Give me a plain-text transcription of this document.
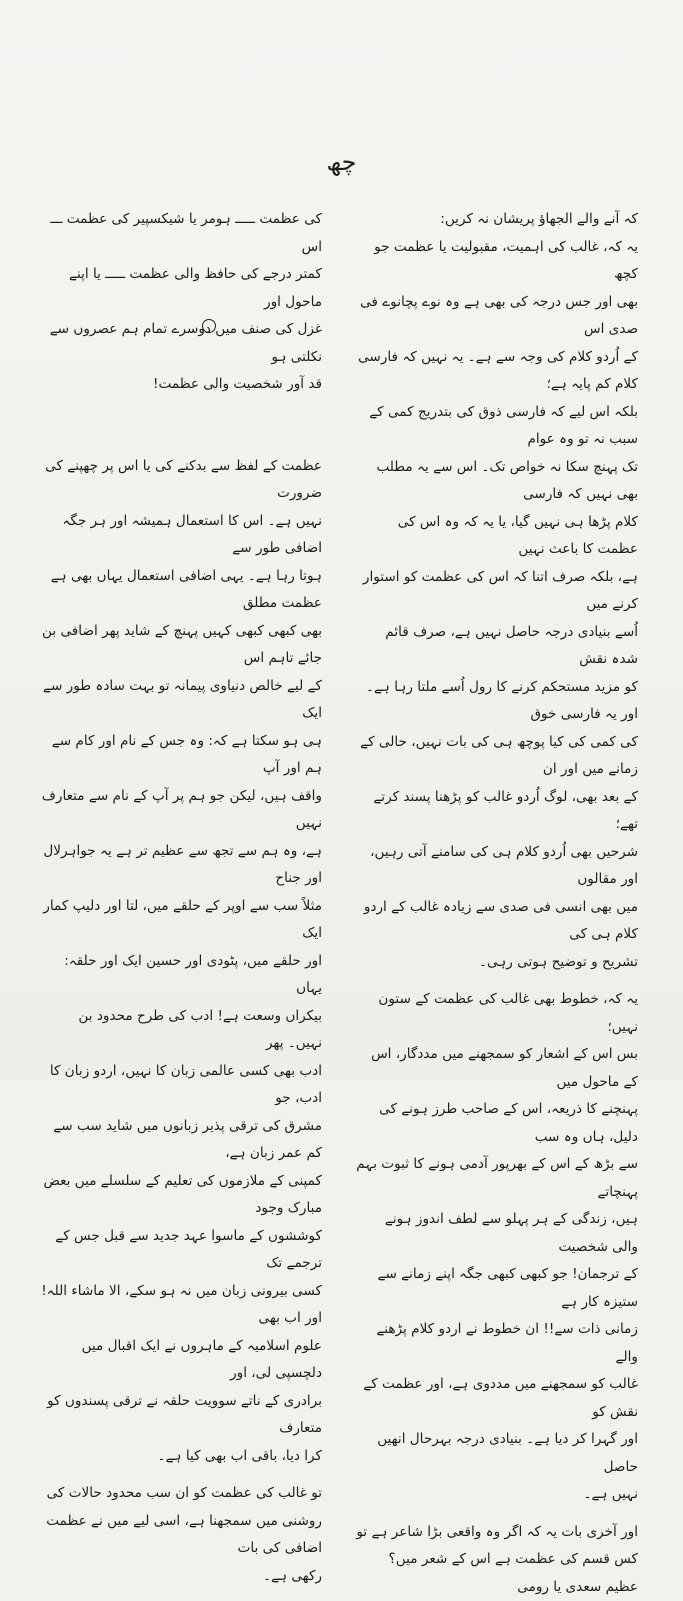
چھ

کہ آنے والے الجھاؤ پریشان نہ کریں:
یہ کہ، غالب کی اہمیت، مقبولیت یا عظمت جو کچھ
بھی اور جس درجہ کی بھی ہے وہ نوے پچانوے فی صدی اس
کے اُردو کلام کی وجہ سے ہے۔ یہ نہیں کہ فارسی کلام کم پایہ ہے؛
بلکہ اس لیے کہ فارسی ذوق کی بتدریج کمی کے سبب نہ تو وہ عوام
تک پہنچ سکا نہ خواص تک۔ اس سے یہ مطلب بھی نہیں کہ فارسی
کلام پڑھا ہی نہیں گیا، یا یہ کہ وہ اس کی عظمت کا باعث نہیں
ہے، بلکہ صرف اتنا کہ اس کی عظمت کو استوار کرنے میں
اُسے بنیادی درجہ حاصل نہیں ہے، صرف قائم شدہ نقش
کو مزید مستحکم کرنے کا رول اُسے ملتا رہا ہے۔ اور یہ فارسی خوق
کی کمی کی کیا پوچھ ہی کی بات نہیں، حالی کے زمانے میں اور ان
کے بعد بھی، لوگ اُردو غالب کو پڑھنا پسند کرتے تھے؛
شرحیں بھی اُردو کلام ہی کی سامنے آتی رہیں، اور مقالوں
میں بھی انسی فی صدی سے زیادہ غالب کے اردو کلام ہی کی
تشریح و توضیح ہوتی رہی۔

یہ کہ، خطوط بھی غالب کی عظمت کے ستون نہیں؛
بس اس کے اشعار کو سمجھنے میں مددگار، اس کے ماحول میں
پہنچنے کا ذریعہ، اس کے صاحب طرز ہونے کی دلیل، ہاں وہ سب
سے بڑھ کے اس کے بھرپور آدمی ہونے کا ثبوت بہم پہنچاتے
ہیں، زندگی کے ہر پہلو سے لطف اندوز ہونے والی شخصیت
کے ترجمان! جو کبھی کبھی جگہ اپنے زمانے سے ستیزہ کار ہے
زمانی ذات سے!! ان خطوط نے اردو کلام پڑھنے والے
غالب کو سمجھنے میں مددوی ہے، اور عظمت کے نقش کو
اور گہرا کر دیا ہے۔ بنیادی درجہ بہرحال انھیں حاصل
نہیں ہے۔

اور آخری بات یہ کہ اگر وہ واقعی بڑا شاعر ہے تو
کس قسم کی عظمت ہے اس کے شعر میں؟ عظیم سعدی یا رومی

کی عظمت ـــــ ہومر یا شیکسپیر کی عظمت ـــ اس
کمتر درجے کی حافظ والی عظمت ـــــ یا اپنے ماحول اور
غزل کی صنف میں دوسرے تمام ہم عصروں سے نکلتی ہو
قد آور شخصیت والی عظمت!

عظمت کے لفظ سے بدکنے کی یا اس پر چھپنے کی ضرورت
نہیں ہے۔ اس کا استعمال ہمیشہ اور ہر جگہ اضافی طور سے
ہوتا رہا ہے۔ یہی اضافی استعمال یہاں بھی ہے عظمت مطلق
بھی کبھی کبھی کہیں پہنچ کے شاید پھر اضافی بن جائے تاہم اس
کے لیے خالص دنیاوی پیمانہ تو بہت سادہ طور سے ایک
ہی ہو سکتا ہے کہ: وہ جس کے نام اور کام سے ہم اور آپ
واقف ہیں، لیکن جو ہم پر آپ کے نام سے متعارف نہیں
ہے، وہ ہم سے تجھ سے عظیم تر ہے یہ جواہرلال اور جناح
مثلاً سب سے اوپر کے حلقے میں، لتا اور دلیپ کمار ایک
اور حلقے میں، پٹودی اور حسین ایک اور حلقہ: یہاں
بیکراں وسعت ہے! ادب کی طرح محدود بن نہیں۔ پھر
ادب بھی کسی عالمی زبان کا نہیں، اردو زبان کا ادب، جو
مشرق کی ترقی پذیر زبانوں میں شاید سب سے کم عمر زبان ہے،
کمپنی کے ملازموں کی تعلیم کے سلسلے میں بعض مبارک وجود
کوششوں کے ماسوا عہد جدید سے قبل جس کے ترجمے تک
کسی بیرونی زبان میں نہ ہو سکے، الا ماشاء اللہ! اور اب بھی
علوم اسلامیہ کے ماہروں نے ایک اقبال میں دلچسپی لی، اور
برادری کے ناتے سوویت حلقہ نے ترقی پسندوں کو متعارف
کرا دیا، باقی اب بھی کیا ہے۔

تو غالب کی عظمت کو ان سب محدود حالات کی
روشنی میں سمجھنا ہے، اسی لیے میں نے عظمت اضافی کی بات
رکھی ہے۔
